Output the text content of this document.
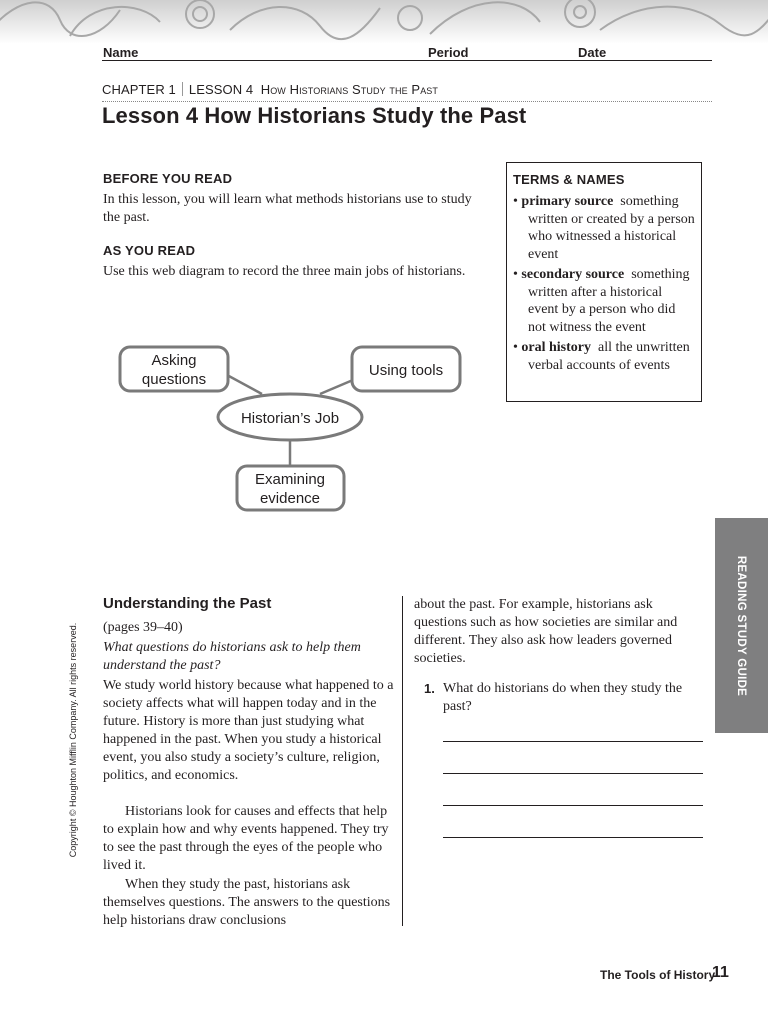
Name	Period	Date
CHAPTER 1 LESSON 4 How Historians Study the Past
Lesson 4 How Historians Study the Past
BEFORE YOU READ
In this lesson, you will learn what methods historians use to study the past.
AS YOU READ
Use this web diagram to record the three main jobs of historians.
Asking
questions
Using tools
Historian’s Job
Examining
evidence
TERMS & NAMES
• primary source something written or created by a person who witnessed a historical event
• secondary source something written after a historical event by a person who did not witness the event
• oral history all the unwritten verbal accounts of events
READING STUDY GUIDE
Copyright © Houghton Mifflin Company. All rights reserved.
Understanding the Past
(pages 39–40)
What questions do historians ask to help them understand the past?
We study world history because what happened to a society affects what will happen today and in the future. History is more than just studying what happened in the past. When you study a historical event, you also study a society’s culture, religion, politics, and economics.
Historians look for causes and effects that help to explain how and why events happened. They try to see the past through the eyes of the people who lived it.
When they study the past, historians ask themselves questions. The answers to the questions help historians draw conclusions
about the past. For example, historians ask questions such as how societies are similar and different. They also ask how leaders governed societies.
1. What do historians do when they study the past?
The Tools of History
11
